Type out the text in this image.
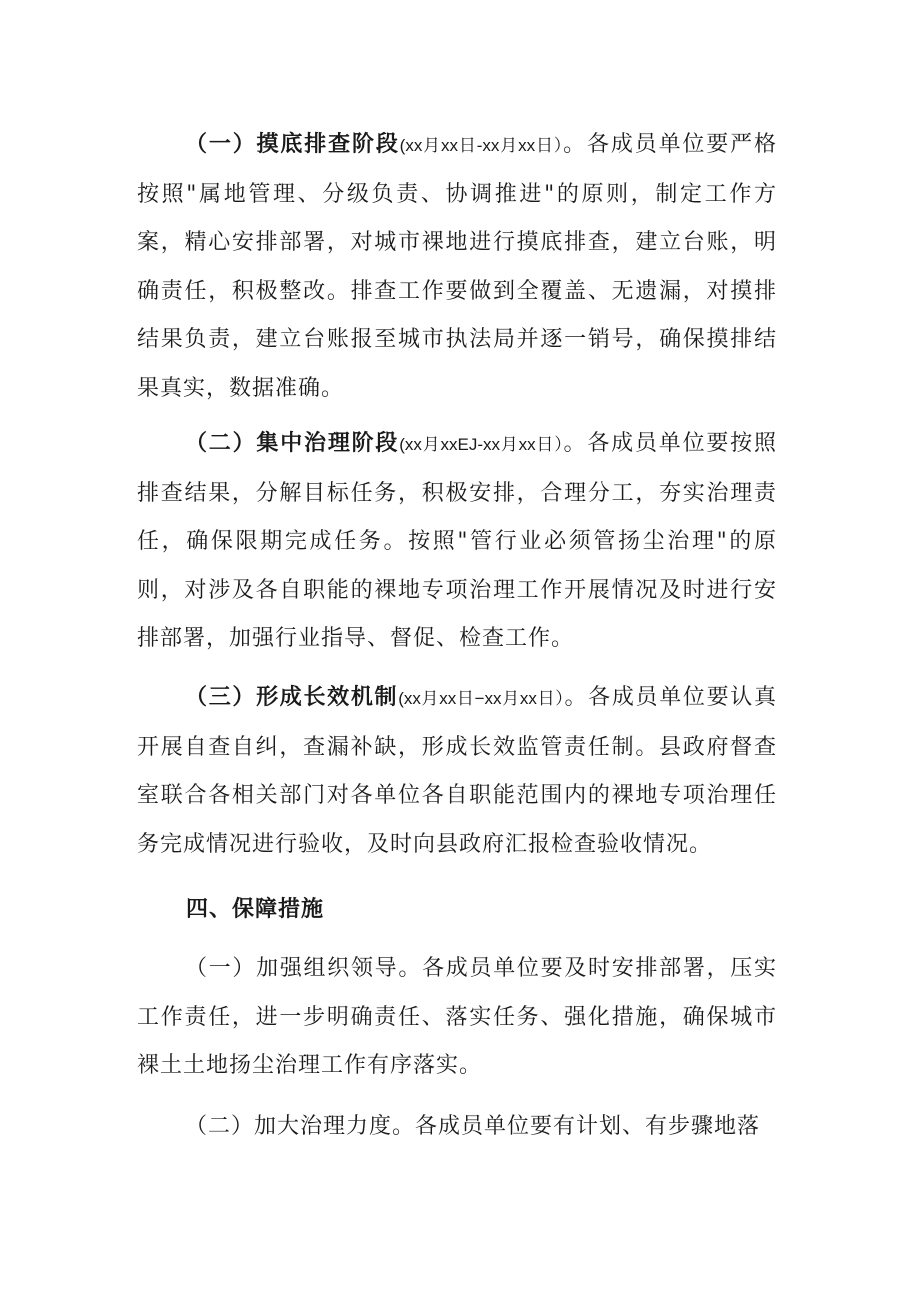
（一）摸底排查阶段(xx月xx日-xx月xx日）。各成员单位要严格按照"属地管理、分级负责、协调推进"的原则，制定工作方案，精心安排部署，对城市裸地进行摸底排查，建立台账，明确责任，积极整改。排查工作要做到全覆盖、无遗漏，对摸排结果负责，建立台账报至城市执法局并逐一销号，确保摸排结果真实，数据准确。

（二）集中治理阶段(xx月xxEJ-xx月xx日）。各成员单位要按照排查结果，分解目标任务，积极安排，合理分工，夯实治理责任，确保限期完成任务。按照"管行业必须管扬尘治理"的原则，对涉及各自职能的裸地专项治理工作开展情况及时进行安排部署，加强行业指导、督促、检查工作。

（三）形成长效机制(xx月xx日−xx月xx日）。各成员单位要认真开展自查自纠，查漏补缺，形成长效监管责任制。县政府督查室联合各相关部门对各单位各自职能范围内的裸地专项治理任务完成情况进行验收，及时向县政府汇报检查验收情况。

四、保障措施

（一）加强组织领导。各成员单位要及时安排部署，压实工作责任，进一步明确责任、落实任务、强化措施，确保城市裸土土地扬尘治理工作有序落实。

（二）加大治理力度。各成员单位要有计划、有步骤地落
